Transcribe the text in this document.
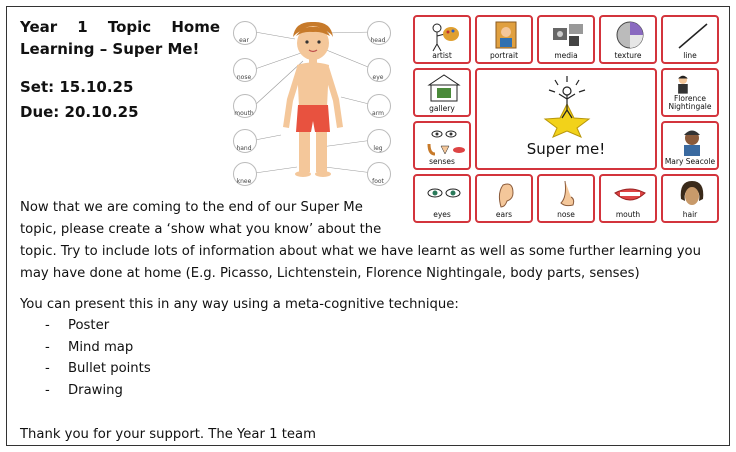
Year 1 Topic Home Learning – Super Me!
Set: 15.10.25
Due: 20.10.25
ear
nose
mouth
hand
knee
head
eye
arm
leg
foot
artist	portrait	media	texture	line
gallery
Super me!
Florence Nightingale
senses	Mary Seacole
eyes	ears	nose	mouth	hair
Now that we are coming to the end of our Super Me topic, please create a ‘show what you know’ about the
topic. Try to include lots of information about what we have learnt as well as some further learning you may have done at home (E.g. Picasso, Lichtenstein, Florence Nightingale, body parts, senses)
You can present this in any way using a meta-cognitive technique:
- Poster
- Mind map
- Bullet points
- Drawing
Thank you for your support. The Year 1 team
